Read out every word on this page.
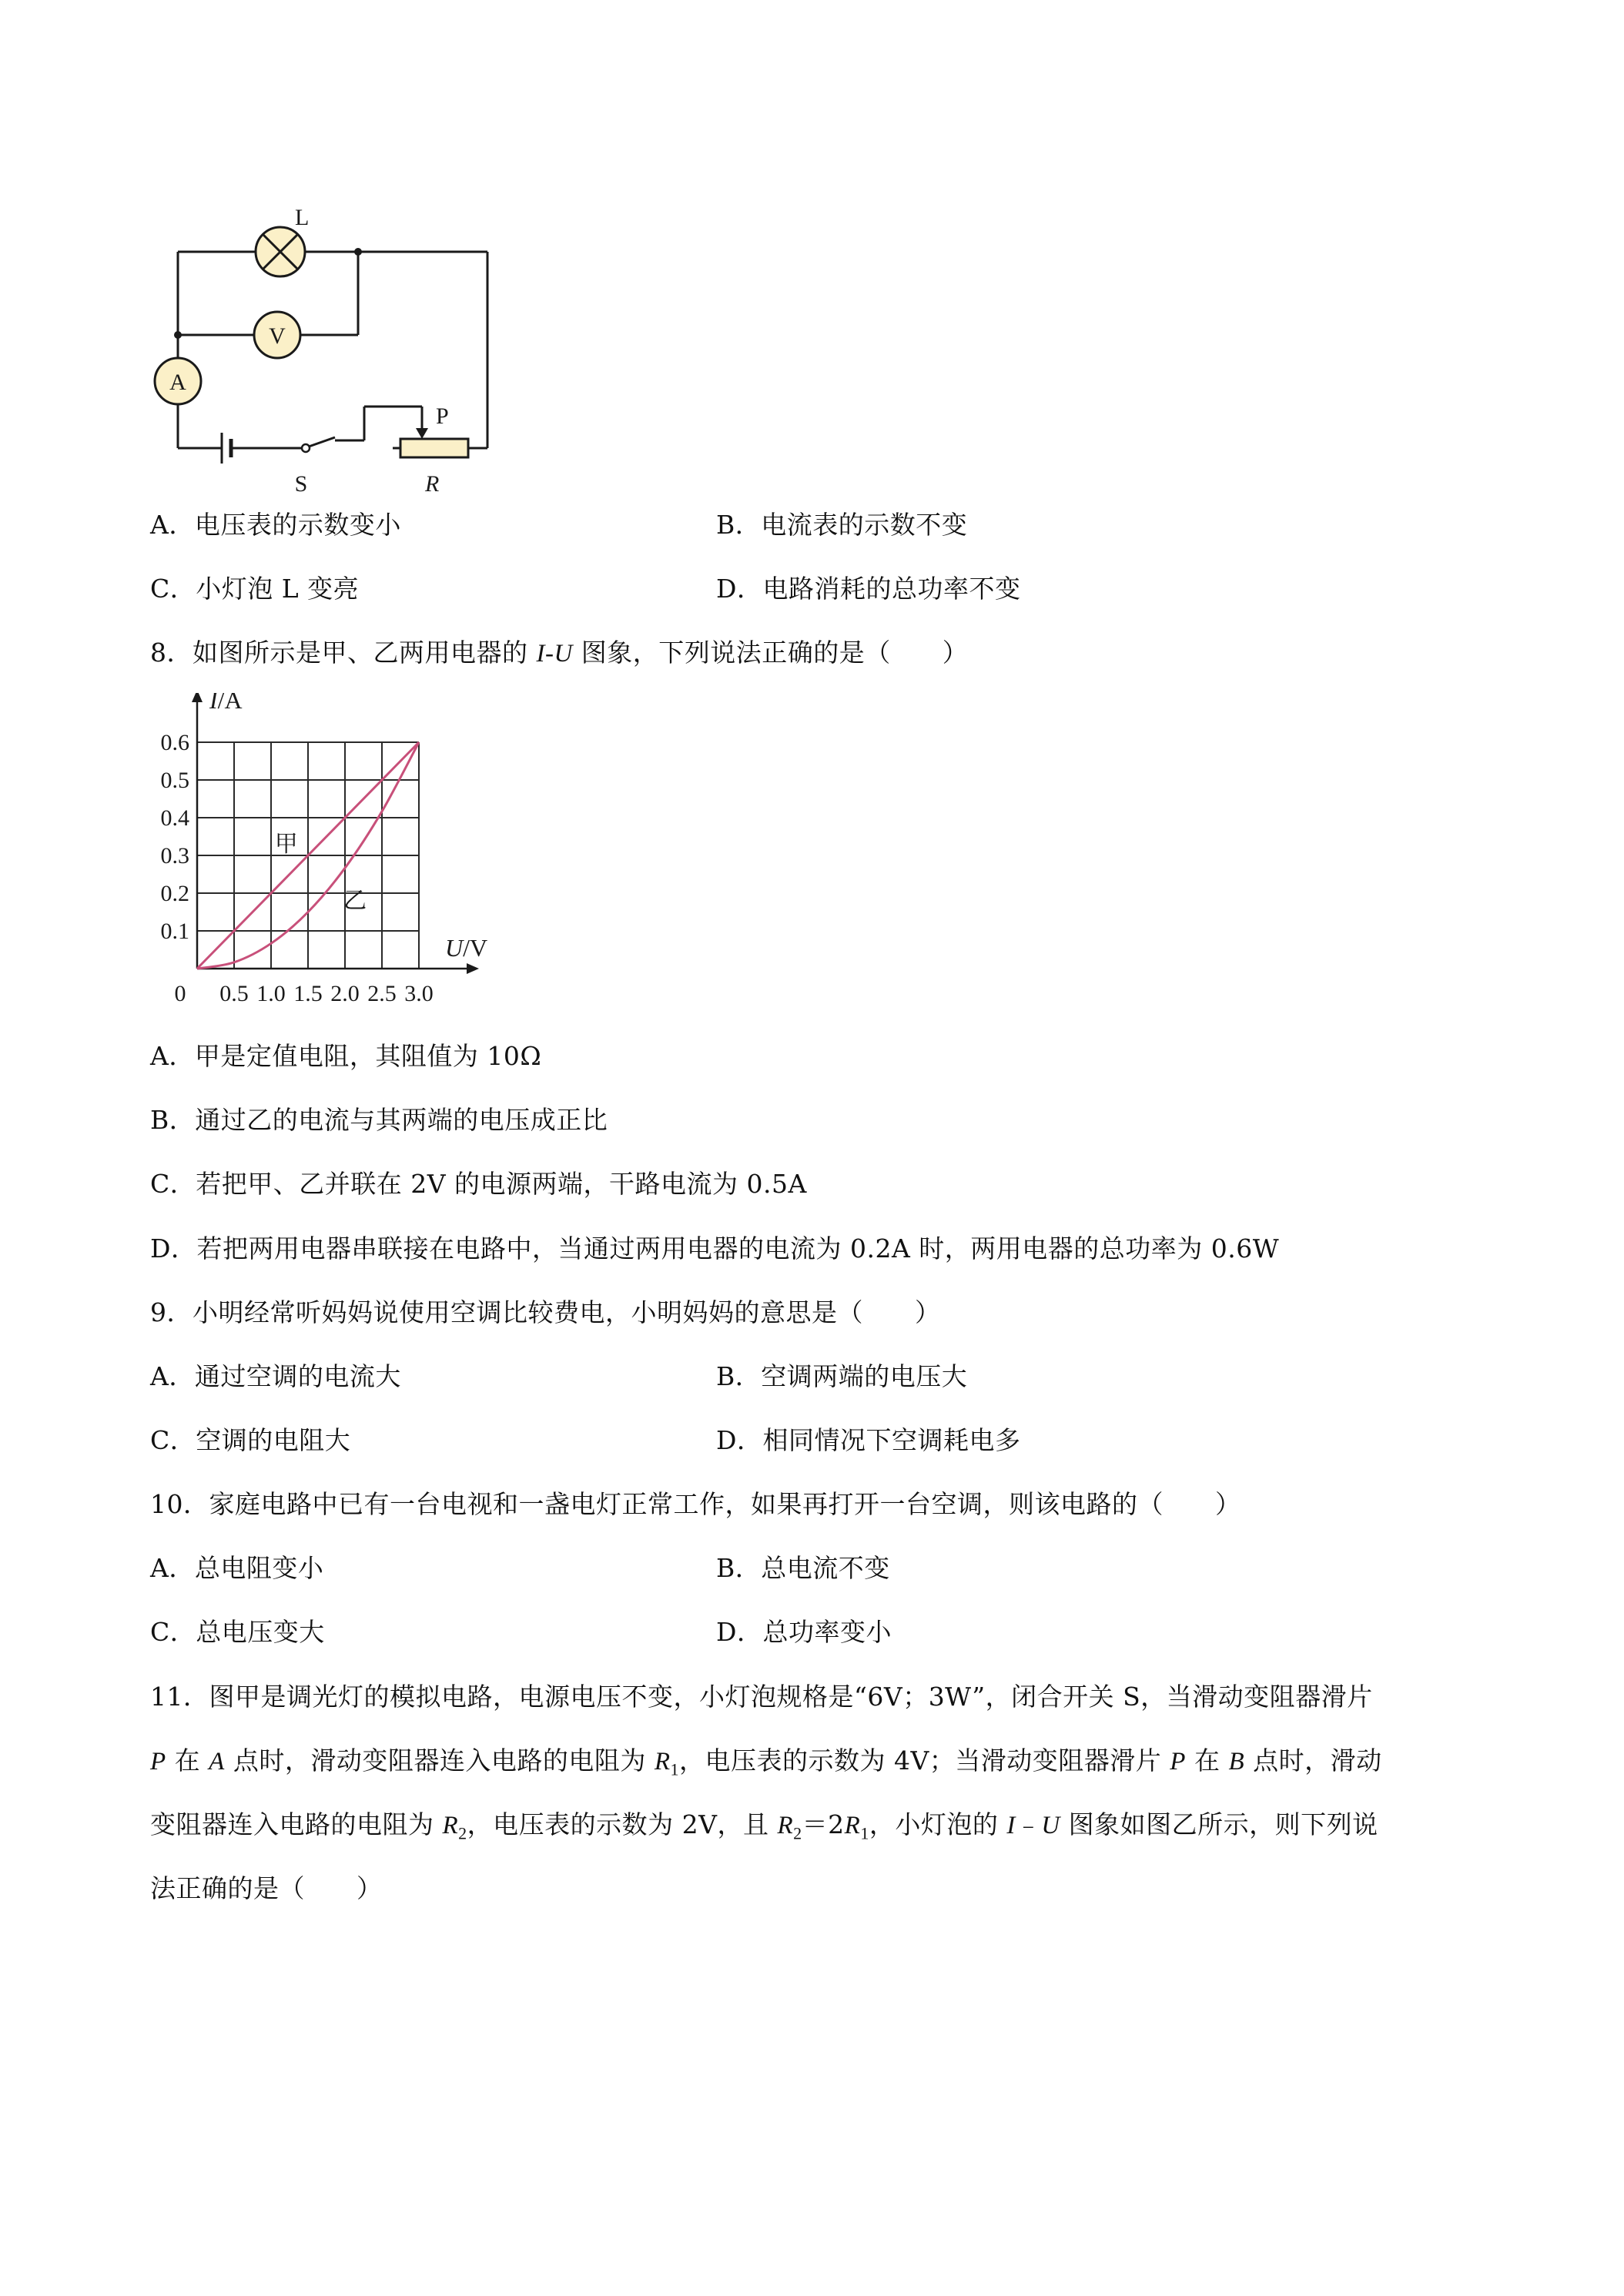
L
V
A
S
P
R
A．电压表的示数变小	B．电流表的示数不变
C．小灯泡 L 变亮	D．电路消耗的总功率不变
8．如图所示是甲、乙两用电器的 I-U 图象，下列说法正确的是（　　）
甲
乙
0.1
0.2
0.3
0.4
0.5
0.6
0.5 1.0 1.5 2.0 2.5 3.0
0
I/A
U/V
A．甲是定值电阻，其阻值为 10Ω
B．通过乙的电流与其两端的电压成正比
C．若把甲、乙并联在 2V 的电源两端，干路电流为 0.5A
D．若把两用电器串联接在电路中，当通过两用电器的电流为 0.2A 时，两用电器的总功率为 0.6W
9．小明经常听妈妈说使用空调比较费电，小明妈妈的意思是（　　）
A．通过空调的电流大	B．空调两端的电压大
C．空调的电阻大	D．相同情况下空调耗电多
10．家庭电路中已有一台电视和一盏电灯正常工作，如果再打开一台空调，则该电路的（　　）
A．总电阻变小	B．总电流不变
C．总电压变大	D．总功率变小
11．图甲是调光灯的模拟电路，电源电压不变，小灯泡规格是“6V；3W”，闭合开关 S，当滑动变阻器滑片
P 在 A 点时，滑动变阻器连入电路的电阻为 $R_1$，电压表的示数为 4V；当滑动变阻器滑片 P 在 B 点时，滑动
变阻器连入电路的电阻为 $R_2$，电压表的示数为 2V，且 $R_2=2R_1$，小灯泡的 I﹣U 图象如图乙所示，则下列说
法正确的是（　　）
